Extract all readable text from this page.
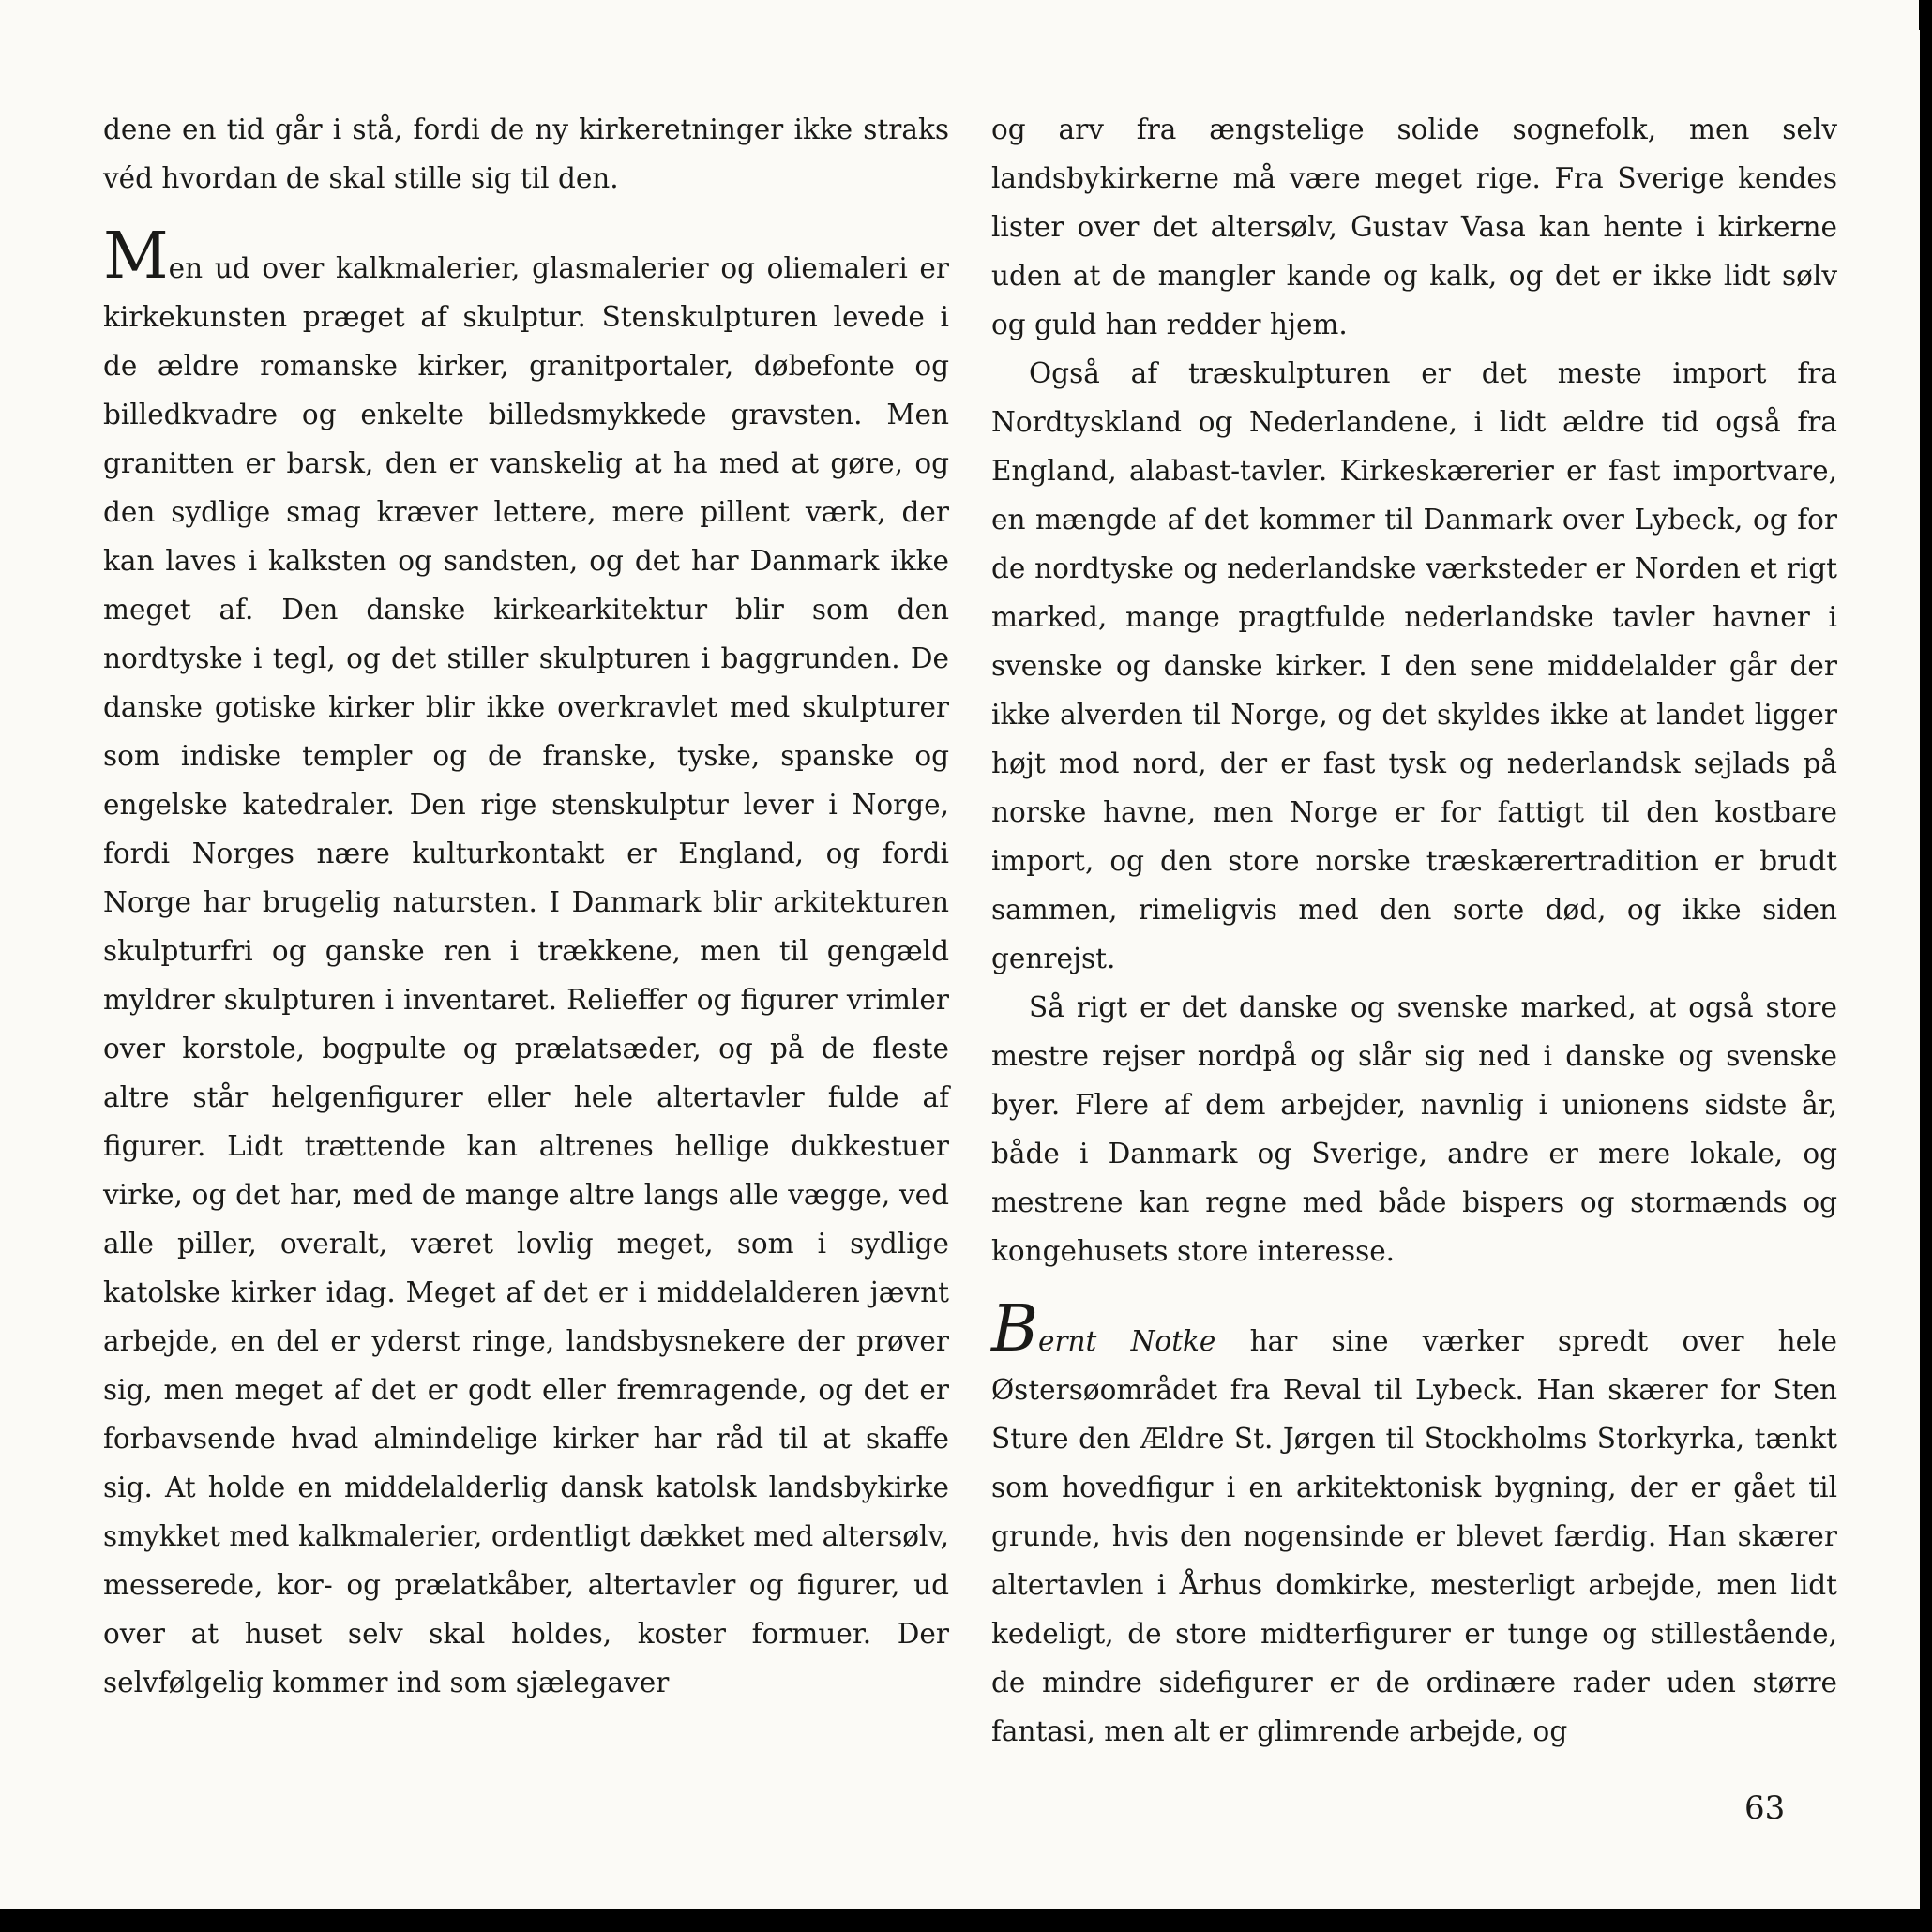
dene en tid går i stå, fordi de ny kirkeretninger ikke straks véd hvordan de skal stille sig til den.

Men ud over kalkmalerier, glasmalerier og oliemaleri er kirkekunsten præget af skulptur. Stenskulpturen levede i de ældre romanske kirker, granitportaler, døbefonte og billedkvadre og enkelte billedsmykkede gravsten. Men granitten er barsk, den er vanskelig at ha med at gøre, og den sydlige smag kræver lettere, mere pillent værk, der kan laves i kalksten og sandsten, og det har Danmark ikke meget af. Den danske kirkearkitektur blir som den nordtyske i tegl, og det stiller skulpturen i baggrunden. De danske gotiske kirker blir ikke overkravlet med skulpturer som indiske templer og de franske, tyske, spanske og engelske katedraler. Den rige stenskulptur lever i Norge, fordi Norges nære kulturkontakt er England, og fordi Norge har brugelig natursten. I Danmark blir arkitekturen skulpturfri og ganske ren i trækkene, men til gengæld myldrer skulpturen i inventaret. Relieffer og figurer vrimler over korstole, bogpulte og prælatsæder, og på de fleste altre står helgenfigurer eller hele altertavler fulde af figurer. Lidt trættende kan altrenes hellige dukkestuer virke, og det har, med de mange altre langs alle vægge, ved alle piller, overalt, været lovlig meget, som i sydlige katolske kirker idag. Meget af det er i middelalderen jævnt arbejde, en del er yderst ringe, landsbysnekere der prøver sig, men meget af det er godt eller fremragende, og det er forbavsende hvad almindelige kirker har råd til at skaffe sig. At holde en middelalderlig dansk katolsk landsbykirke smykket med kalkmalerier, ordentligt dækket med altersølv, messerede, kor- og prælatkåber, altertavler og figurer, ud over at huset selv skal holdes, koster formuer. Der selvfølgelig kommer ind som sjælegaver

og arv fra ængstelige solide sognefolk, men selv landsbykirkerne må være meget rige. Fra Sverige kendes lister over det altersølv, Gustav Vasa kan hente i kirkerne uden at de mangler kande og kalk, og det er ikke lidt sølv og guld han redder hjem.

Også af træskulpturen er det meste import fra Nordtyskland og Nederlandene, i lidt ældre tid også fra England, alabast-tavler. Kirkeskærerier er fast importvare, en mængde af det kommer til Danmark over Lybeck, og for de nordtyske og nederlandske værksteder er Norden et rigt marked, mange pragtfulde nederlandske tavler havner i svenske og danske kirker. I den sene middelalder går der ikke alverden til Norge, og det skyldes ikke at landet ligger højt mod nord, der er fast tysk og nederlandsk sejlads på norske havne, men Norge er for fattigt til den kostbare import, og den store norske træskærertradition er brudt sammen, rimeligvis med den sorte død, og ikke siden genrejst.

Så rigt er det danske og svenske marked, at også store mestre rejser nordpå og slår sig ned i danske og svenske byer. Flere af dem arbejder, navnlig i unionens sidste år, både i Danmark og Sverige, andre er mere lokale, og mestrene kan regne med både bispers og stormænds og kongehusets store interesse.

Bernt Notke har sine værker spredt over hele Østersøområdet fra Reval til Lybeck. Han skærer for Sten Sture den Ældre St. Jørgen til Stockholms Storkyrka, tænkt som hovedfigur i en arkitektonisk bygning, der er gået til grunde, hvis den nogensinde er blevet færdig. Han skærer altertavlen i Århus domkirke, mesterligt arbejde, men lidt kedeligt, de store midterfigurer er tunge og stillestående, de mindre sidefigurer er de ordinære rader uden større fantasi, men alt er glimrende arbejde, og

63
